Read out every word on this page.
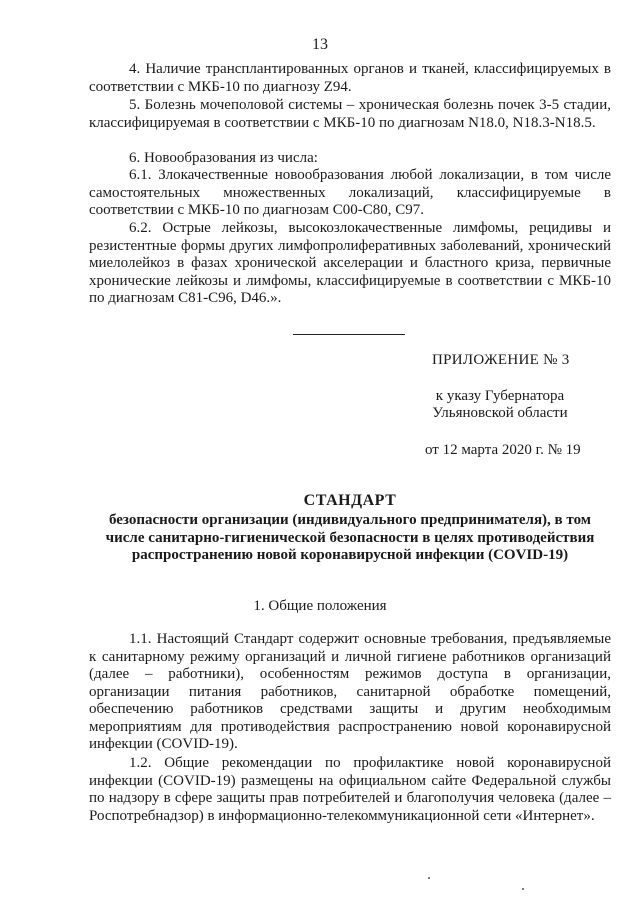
13

4. Наличие трансплантированных органов и тканей, классифицируемых в соответствии с МКБ-10 по диагнозу Z94.

5. Болезнь мочеполовой системы – хроническая болезнь почек 3-5 стадии, классифицируемая в соответствии с МКБ-10 по диагнозам N18.0, N18.3-N18.5.

6. Новообразования из числа:

6.1. Злокачественные новообразования любой локализации, в том числе самостоятельных множественных локализаций, классифицируемые в соответствии с МКБ-10 по диагнозам C00-C80, C97.

6.2. Острые лейкозы, высокозлокачественные лимфомы, рецидивы и резистентные формы других лимфопролиферативных заболеваний, хронический миелолейкоз в фазах хронической акселерации и бластного криза, первичные хронические лейкозы и лимфомы, классифицируемые в соответствии с МКБ-10 по диагнозам C81-C96, D46.».

ПРИЛОЖЕНИЕ № 3
к указу Губернатора
Ульяновской области
от 12 марта 2020 г. № 19
СТАНДАРТ
безопасности организации (индивидуального предпринимателя), в том числе санитарно-гигиенической безопасности в целях противодействия распространению новой коронавирусной инфекции (COVID-19)
1. Общие положения

1.1. Настоящий Стандарт содержит основные требования, предъявляемые к санитарному режиму организаций и личной гигиене работников организаций (далее – работники), особенностям режимов доступа в организации, организации питания работников, санитарной обработке помещений, обеспечению работников средствами защиты и другим необходимым мероприятиям для противодействия распространению новой коронавирусной инфекции (COVID-19).

1.2. Общие рекомендации по профилактике новой коронавирусной инфекции (COVID-19) размещены на официальном сайте Федеральной службы по надзору в сфере защиты прав потребителей и благополучия человека (далее – Роспотребнадзор) в информационно-телекоммуникационной сети «Интернет».
